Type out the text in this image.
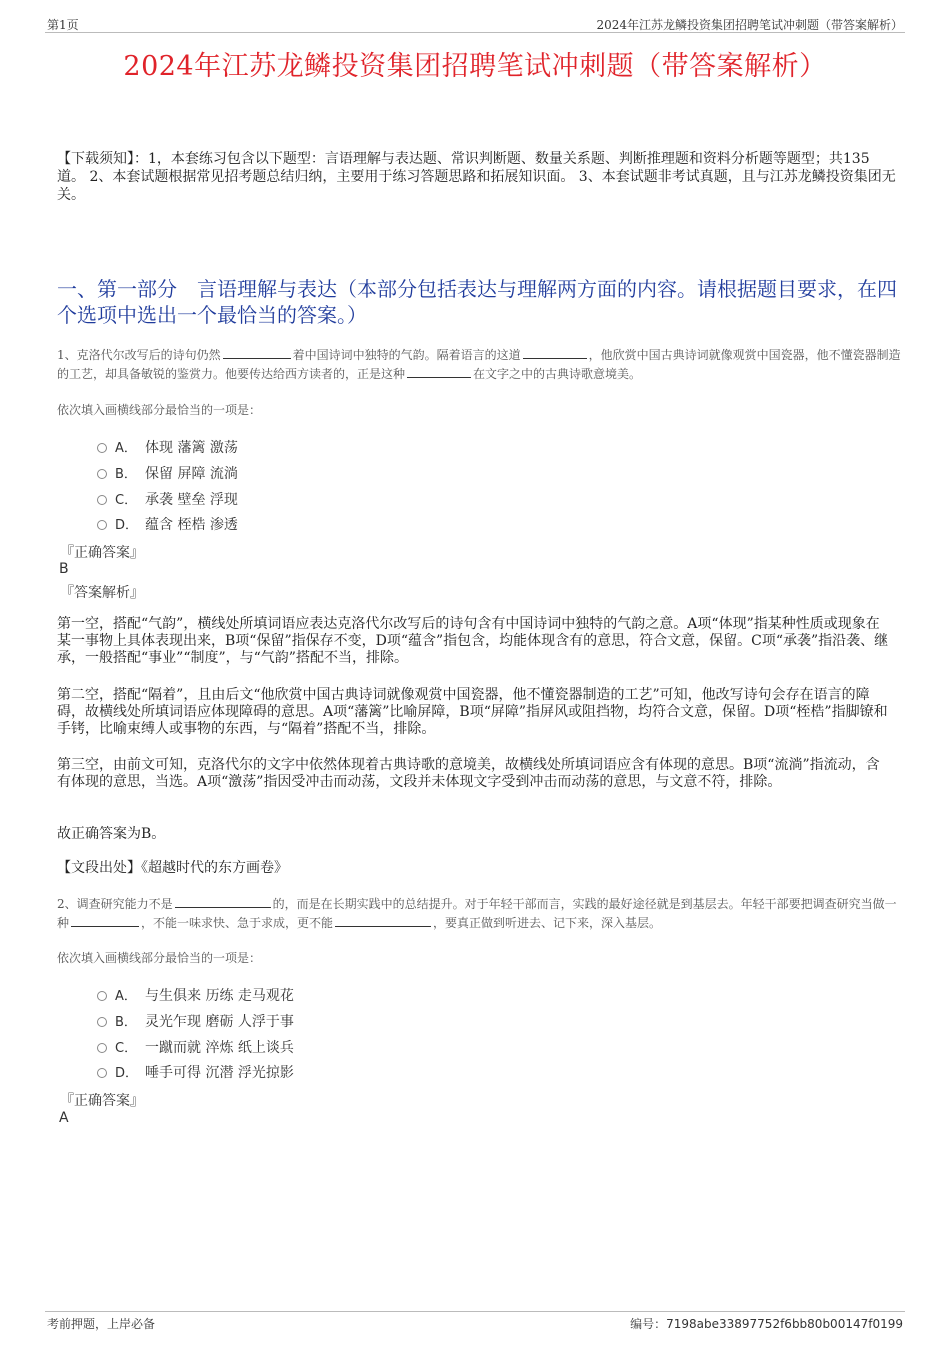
第1页	2024年江苏龙鳞投资集团招聘笔试冲刺题（带答案解析）
2024年江苏龙鳞投资集团招聘笔试冲刺题（带答案解析）
【下载须知】：1，本套练习包含以下题型：言语理解与表达题、常识判断题、数量关系题、判断推理题和资料分析题等题型；共135道。 2、本套试题根据常见招考题总结归纳，主要用于练习答题思路和拓展知识面。 3、本套试题非考试真题，且与江苏龙鳞投资集团无关。
一、第一部分　言语理解与表达（本部分包括表达与理解两方面的内容。请根据题目要求，在四个选项中选出一个最恰当的答案。）
1、克洛代尔改写后的诗句仍然	着中国诗词中独特的气韵。隔着语言的这道	，他欣赏中国古典诗词就像观赏中国瓷器，他不懂瓷器制造的工艺，却具备敏锐的鉴赏力。他要传达给西方读者的，正是这种	在文字之中的古典诗歌意境美。
依次填入画横线部分最恰当的一项是：
A． 体现 藩篱 激荡
B． 保留 屏障 流淌
C． 承袭 壁垒 浮现
D． 蕴含 桎梏 渗透
『正确答案』
B
『答案解析』
第一空，搭配“气韵”，横线处所填词语应表达克洛代尔改写后的诗句含有中国诗词中独特的气韵之意。A项“体现”指某种性质或现象在某一事物上具体表现出来，B项“保留”指保存不变，D项“蕴含”指包含，均能体现含有的意思，符合文意，保留。C项“承袭”指沿袭、继承，一般搭配“事业”“制度”，与“气韵”搭配不当，排除。
第二空，搭配“隔着”，且由后文“他欣赏中国古典诗词就像观赏中国瓷器，他不懂瓷器制造的工艺”可知，他改写诗句会存在语言的障碍，故横线处所填词语应体现障碍的意思。A项“藩篱”比喻屏障，B项“屏障”指屏风或阻挡物，均符合文意，保留。D项“桎梏”指脚镣和手铐，比喻束缚人或事物的东西，与“隔着”搭配不当，排除。
第三空，由前文可知，克洛代尔的文字中依然体现着古典诗歌的意境美，故横线处所填词语应含有体现的意思。B项“流淌”指流动，含有体现的意思，当选。A项“激荡”指因受冲击而动荡，文段并未体现文字受到冲击而动荡的意思，与文意不符，排除。
故正确答案为B。
【文段出处】《超越时代的东方画卷》
2、调查研究能力不是	的，而是在长期实践中的总结提升。对于年轻干部而言，实践的最好途径就是到基层去。年轻干部要把调查研究当做一种	，不能一味求快、急于求成，更不能	，要真正做到听进去、记下来，深入基层。
依次填入画横线部分最恰当的一项是：
A． 与生俱来 历练 走马观花
B． 灵光乍现 磨砺 人浮于事
C． 一蹴而就 淬炼 纸上谈兵
D． 唾手可得 沉潜 浮光掠影
『正确答案』
A
考前押题，上岸必备	编号：7198abe33897752f6bb80b00147f0199
